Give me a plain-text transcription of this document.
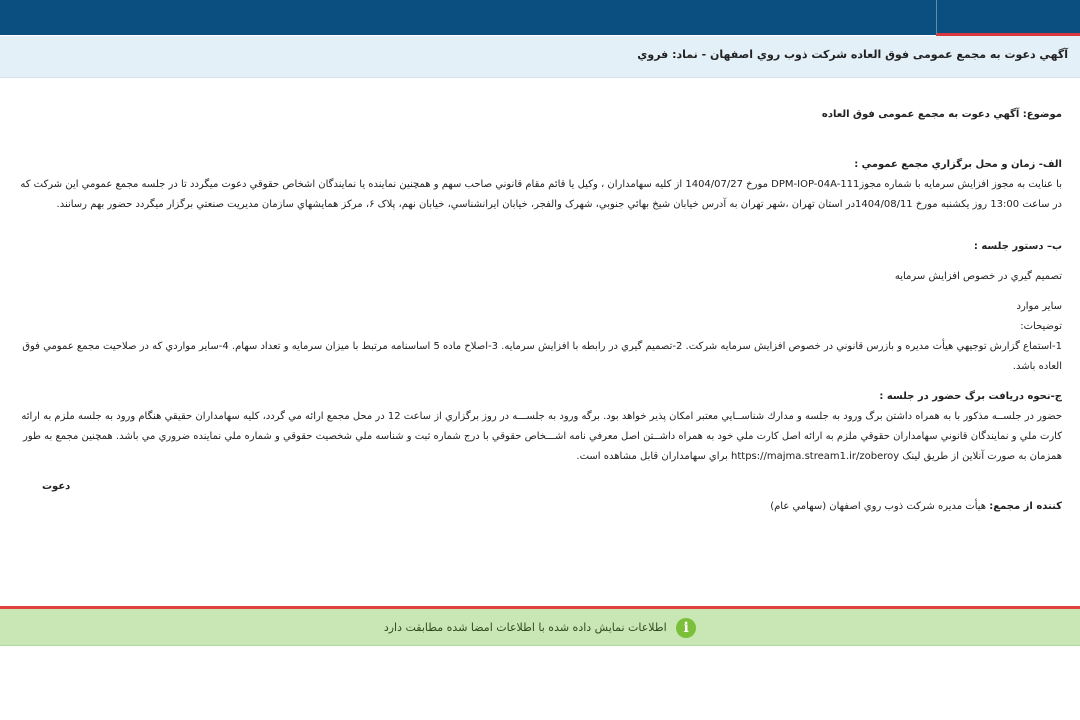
آگهي دعوت به مجمع عمومی فوق العاده شرکت ذوب روي اصفهان - نماد: فروي

موضوع: آگهي دعوت به مجمع عمومی فوق العاده

الف- زمان و محل برگزاري مجمع عمومي :

با عنايت به مجوز افزايش سرمايه با شماره مجوزDPM-IOP-04A-111 مورخ 1404/07/27 از کليه سهامداران ، وکيل يا قائم مقام قانوني صاحب سهم و همچنين نماينده يا نمايندگان اشخاص حقوقي دعوت ميگردد تا در جلسه مجمع عمومي اين شرکت که در ساعت 13:00 روز يکشنبه مورخ 1404/08/11در استان تهران ،شهر تهران به آدرس خيابان شيخ بهائي جنوبي، شهرک والفجر، خيابان ايرانشناسي، خيابان نهم، پلاک ۶، مرکز همايشهاي سازمان مديريت صنعتي برگزار ميگردد حضور بهم رسانند.

ب– دستور جلسه :

تصميم گيري در خصوص افزايش سرمايه

ساير موارد

توضيحات:

1-استماع گزارش توجيهي هيأت مديره و بازرس قانوني در خصوص افزايش سرمايه شرکت. 2-تصميم گيري در رابطه با افزايش سرمايه. 3-اصلاح ماده 5 اساسنامه مرتبط با ميزان سرمايه و تعداد سهام. 4-ساير مواردي كه در صلاحيت مجمع عمومي فوق العاده باشد.

ج-نحوه دريافت برگ حضور در جلسه :

حضور در جلســه مذکور با به همراه داشتن برگ ورود به جلسه و مدارك شناســايي معتبر امكان پذير خواهد بود. برگه ورود به جلســـه در روز برگزاري از ساعت 12 در محل مجمع ارائه مي گردد، كليه سهامداران حقيقي هنگام ورود به جلسه ملزم به ارائه كارت ملي و نمايندگان قانوني سهامداران حقوقي ملزم به ارائه اصل كارت ملي خود به همراه داشــتن اصل معرفي نامه اشـــخاص حقوقي با درج شماره ثبت و شناسه ملي شخصيت حقوقي و شماره ملي نماينده ضروري مي باشد. همچنين مجمع به طور همزمان به صورت آنلاين از طريق لينک https://majma.stream1.ir/zoberoy براي سهامداران قابل مشاهده است.

دعوت

کننده از مجمع: هيأت مديره شرکت ذوب روي اصفهان (سهامي عام)

i اطلاعات نمايش داده شده با اطلاعات امضا شده مطابقت دارد
